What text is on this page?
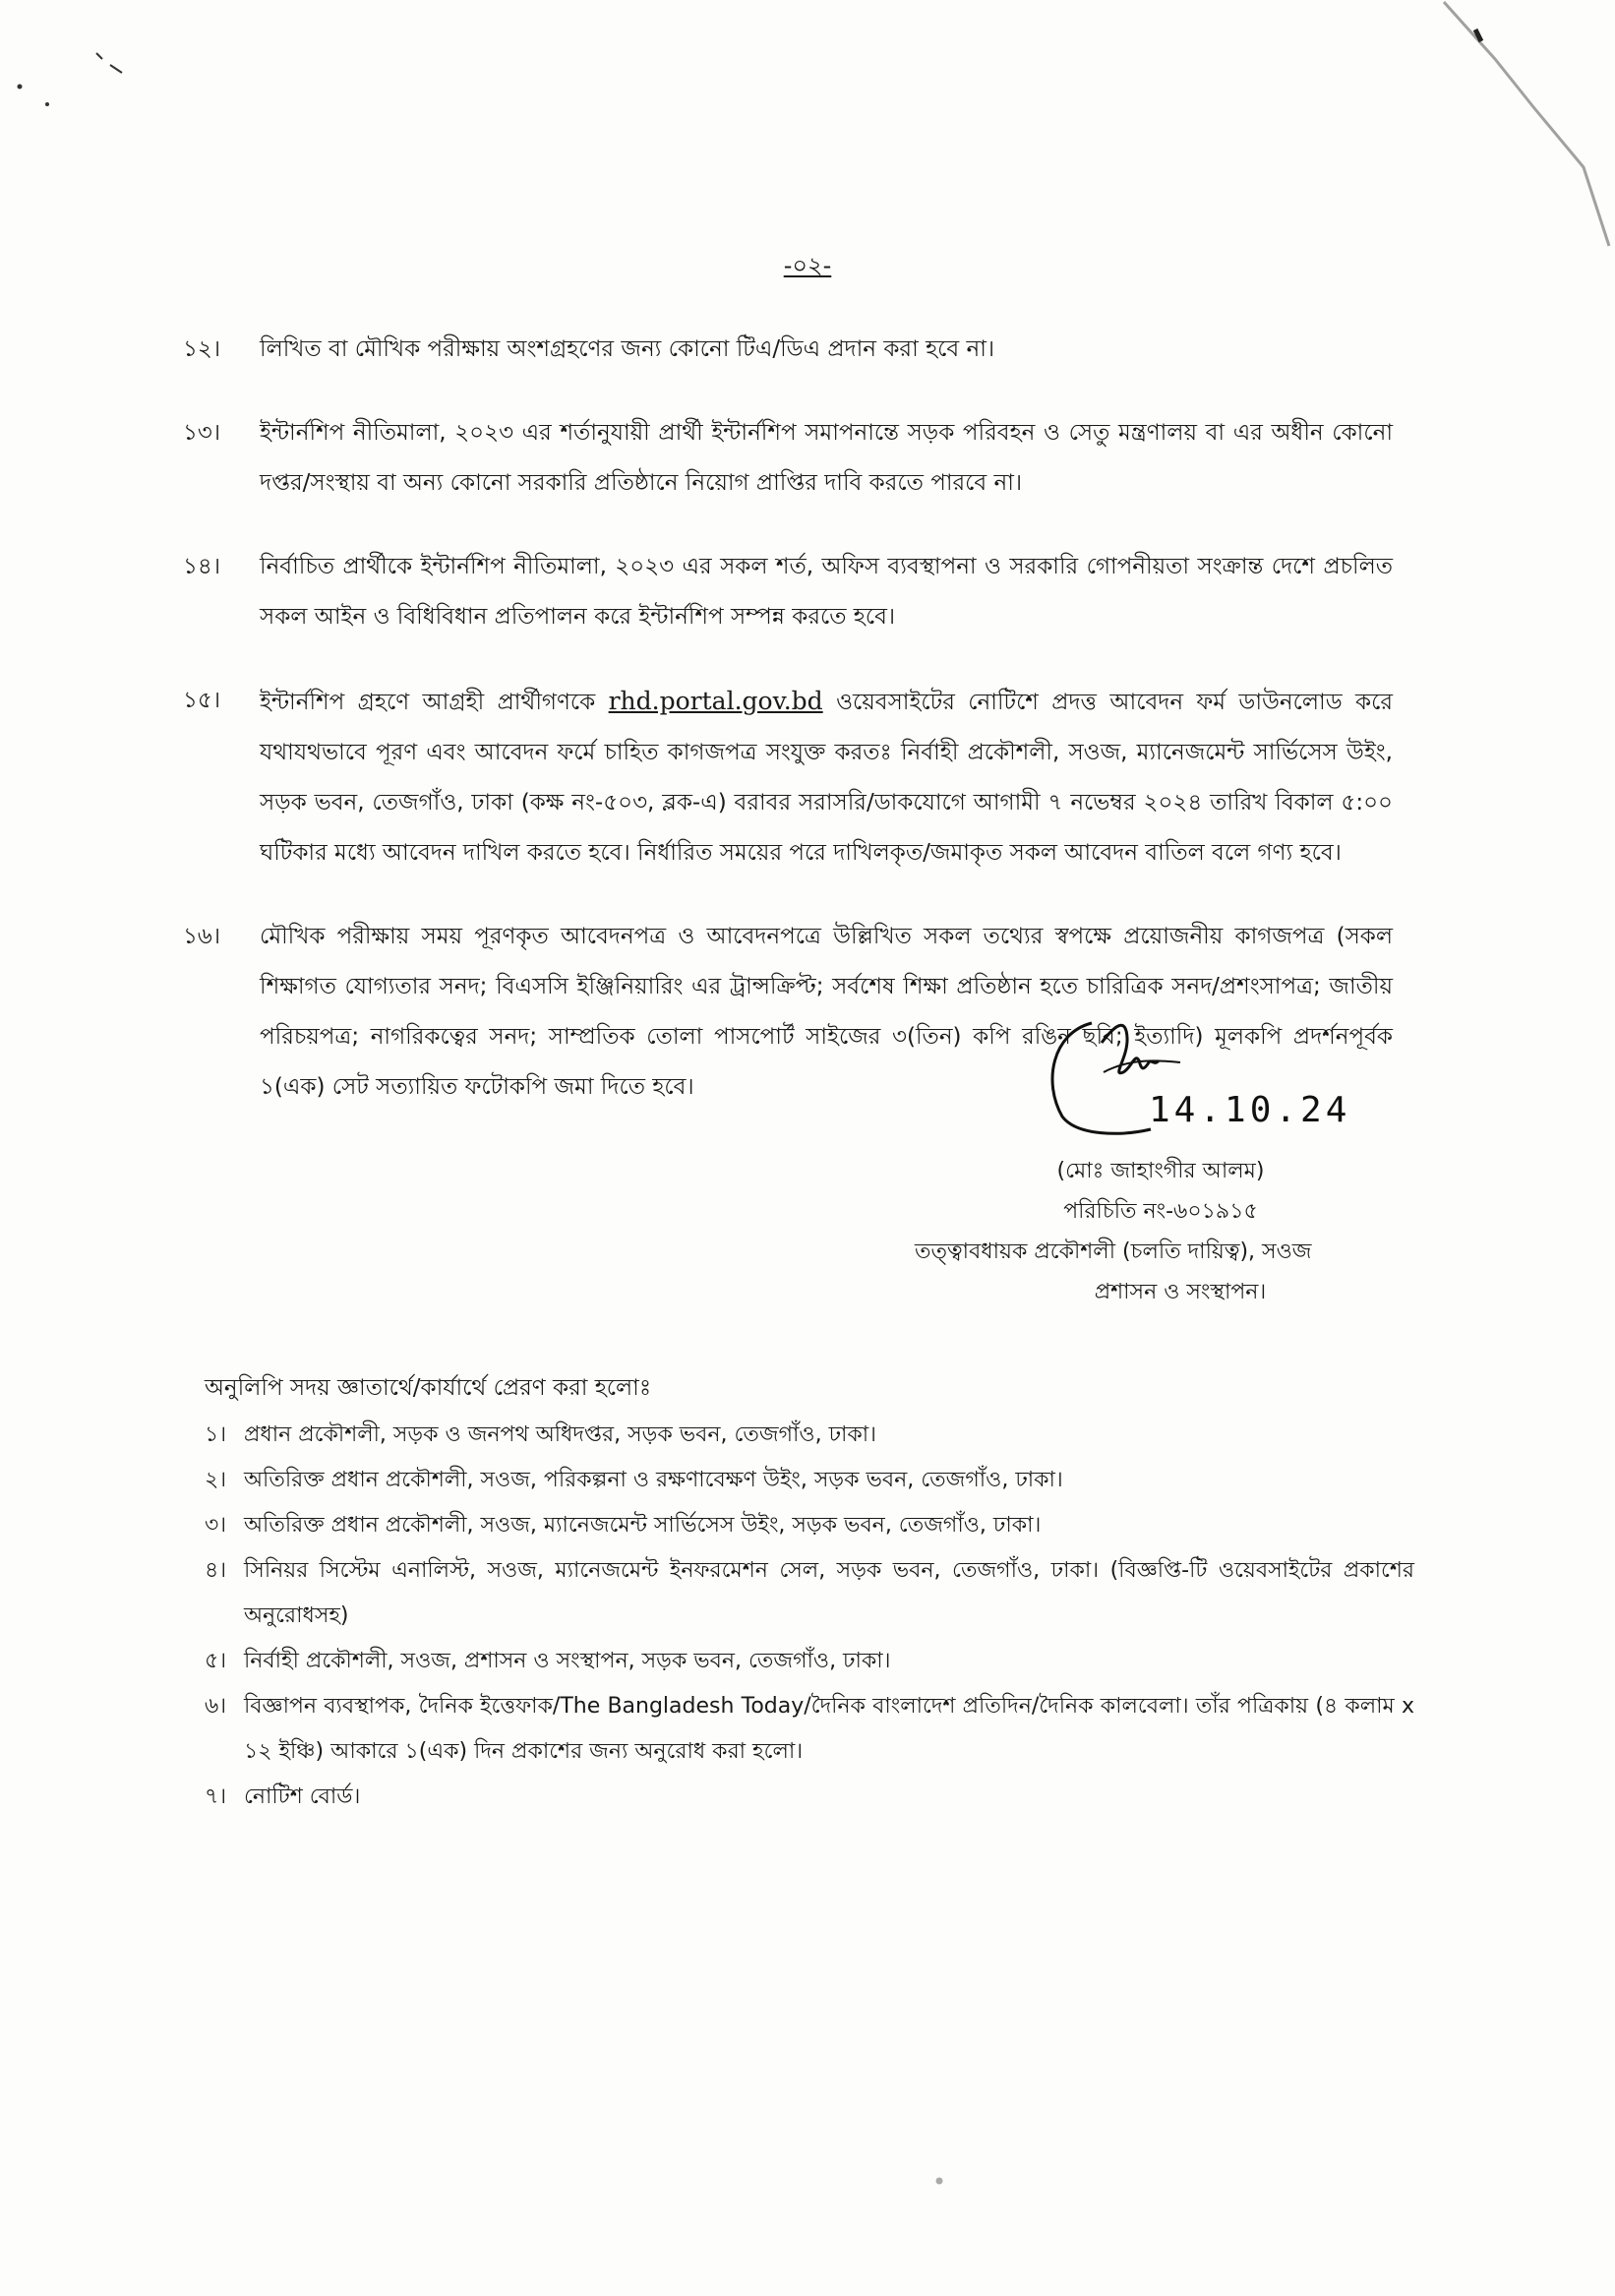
-০২-
১২।	লিখিত বা মৌখিক পরীক্ষায় অংশগ্রহণের জন্য কোনো টিএ/ডিএ প্রদান করা হবে না।
১৩।	ইন্টার্নশিপ নীতিমালা, ২০২৩ এর শর্তানুযায়ী প্রার্থী ইন্টার্নশিপ সমাপনান্তে সড়ক পরিবহন ও সেতু মন্ত্রণালয় বা এর অধীন কোনো দপ্তর/সংস্থায় বা অন্য কোনো সরকারি প্রতিষ্ঠানে নিয়োগ প্রাপ্তির দাবি করতে পারবে না।
১৪।	নির্বাচিত প্রার্থীকে ইন্টার্নশিপ নীতিমালা, ২০২৩ এর সকল শর্ত, অফিস ব্যবস্থাপনা ও সরকারি গোপনীয়তা সংক্রান্ত দেশে প্রচলিত সকল আইন ও বিধিবিধান প্রতিপালন করে ইন্টার্নশিপ সম্পন্ন করতে হবে।
১৫।	ইন্টার্নশিপ গ্রহণে আগ্রহী প্রার্থীগণকে rhd.portal.gov.bd ওয়েবসাইটের নোটিশে প্রদত্ত আবেদন ফর্ম ডাউনলোড করে যথাযথভাবে পূরণ এবং আবেদন ফর্মে চাহিত কাগজপত্র সংযুক্ত করতঃ নির্বাহী প্রকৌশলী, সওজ, ম্যানেজমেন্ট সার্ভিসেস উইং, সড়ক ভবন, তেজগাঁও, ঢাকা (কক্ষ নং-৫০৩, ব্লক-এ) বরাবর সরাসরি/ডাকযোগে আগামী ৭ নভেম্বর ২০২৪ তারিখ বিকাল ৫:০০ ঘটিকার মধ্যে আবেদন দাখিল করতে হবে। নির্ধারিত সময়ের পরে দাখিলকৃত/জমাকৃত সকল আবেদন বাতিল বলে গণ্য হবে।
১৬।	মৌখিক পরীক্ষায় সময় পূরণকৃত আবেদনপত্র ও আবেদনপত্রে উল্লিখিত সকল তথ্যের স্বপক্ষে প্রয়োজনীয় কাগজপত্র (সকল শিক্ষাগত যোগ্যতার সনদ; বিএসসি ইঞ্জিনিয়ারিং এর ট্রান্সক্রিপ্ট; সর্বশেষ শিক্ষা প্রতিষ্ঠান হতে চারিত্রিক সনদ/প্রশংসাপত্র; জাতীয় পরিচয়পত্র; নাগরিকত্বের সনদ; সাম্প্রতিক তোলা পাসপোর্ট সাইজের ৩(তিন) কপি রঙিন ছবি; ইত্যাদি) মূলকপি প্রদর্শনপূর্বক ১(এক) সেট সত্যায়িত ফটোকপি জমা দিতে হবে।
14.10.24
(মোঃ জাহাংগীর আলম)
পরিচিতি নং-৬০১৯১৫
তত্ত্বাবধায়ক প্রকৌশলী (চলতি দায়িত্ব), সওজ
প্রশাসন ও সংস্থাপন।
অনুলিপি সদয় জ্ঞাতার্থে/কার্যার্থে প্রেরণ করা হলোঃ
১। প্রধান প্রকৌশলী, সড়ক ও জনপথ অধিদপ্তর, সড়ক ভবন, তেজগাঁও, ঢাকা।
২। অতিরিক্ত প্রধান প্রকৌশলী, সওজ, পরিকল্পনা ও রক্ষণাবেক্ষণ উইং, সড়ক ভবন, তেজগাঁও, ঢাকা।
৩। অতিরিক্ত প্রধান প্রকৌশলী, সওজ, ম্যানেজমেন্ট সার্ভিসেস উইং, সড়ক ভবন, তেজগাঁও, ঢাকা।
৪। সিনিয়র সিস্টেম এনালিস্ট, সওজ, ম্যানেজমেন্ট ইনফরমেশন সেল, সড়ক ভবন, তেজগাঁও, ঢাকা। (বিজ্ঞপ্তি-টি ওয়েবসাইটের প্রকাশের অনুরোধসহ)
৫। নির্বাহী প্রকৌশলী, সওজ, প্রশাসন ও সংস্থাপন, সড়ক ভবন, তেজগাঁও, ঢাকা।
৬। বিজ্ঞাপন ব্যবস্থাপক, দৈনিক ইত্তেফাক/The Bangladesh Today/দৈনিক বাংলাদেশ প্রতিদিন/দৈনিক কালবেলা। তাঁর পত্রিকায় (৪ কলাম x ১২ ইঞ্চি) আকারে ১(এক) দিন প্রকাশের জন্য অনুরোধ করা হলো।
৭। নোটিশ বোর্ড।
